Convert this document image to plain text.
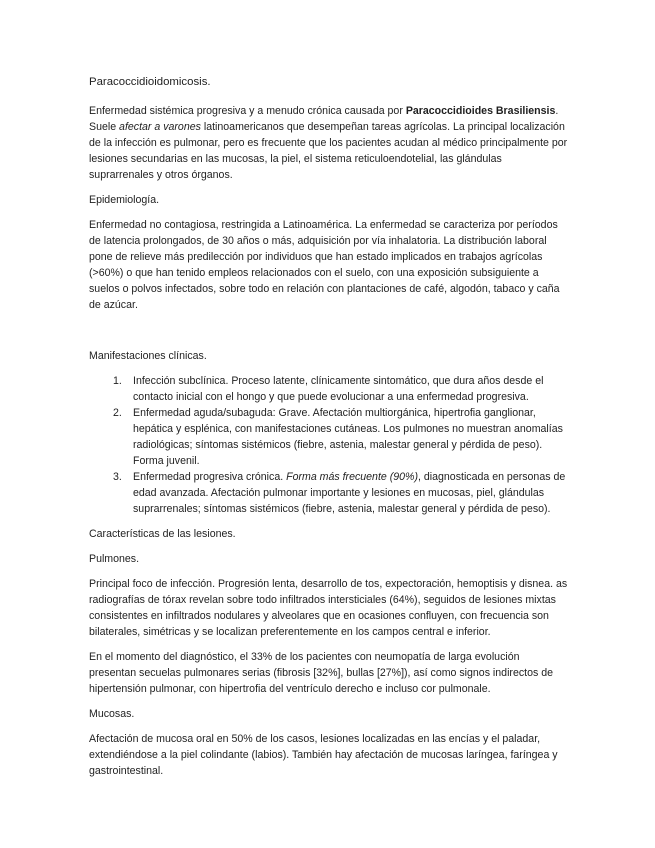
Paracoccidioidomicosis.

Enfermedad sistémica progresiva y a menudo crónica causada por Paracoccidioides Brasiliensis. Suele afectar a varones latinoamericanos que desempeñan tareas agrícolas. La principal localización de la infección es pulmonar, pero es frecuente que los pacientes acudan al médico principalmente por lesiones secundarias en las mucosas, la piel, el sistema reticuloendotelial, las glándulas suprarrenales y otros órganos.

Epidemiología.

Enfermedad no contagiosa, restringida a Latinoamérica. La enfermedad se caracteriza por períodos de latencia prolongados, de 30 años o más, adquisición por vía inhalatoria. La distribución laboral pone de relieve más predilección por individuos que han estado implicados en trabajos agrícolas (>60%) o que han tenido empleos relacionados con el suelo, con una exposición subsiguiente a suelos o polvos infectados, sobre todo en relación con plantaciones de café, algodón, tabaco y caña de azúcar.

Manifestaciones clínicas.
1. Infección subclínica. Proceso latente, clínicamente sintomático, que dura años desde el contacto inicial con el hongo y que puede evolucionar a una enfermedad progresiva.
2. Enfermedad aguda/subaguda: Grave. Afectación multiorgánica, hipertrofia ganglionar, hepática y esplénica, con manifestaciones cutáneas. Los pulmones no muestran anomalías radiológicas; síntomas sistémicos (fiebre, astenia, malestar general y pérdida de peso). Forma juvenil.
3. Enfermedad progresiva crónica. Forma más frecuente (90%), diagnosticada en personas de edad avanzada. Afectación pulmonar importante y lesiones en mucosas, piel, glándulas suprarrenales; síntomas sistémicos (fiebre, astenia, malestar general y pérdida de peso).
Características de las lesiones.
Pulmones.

Principal foco de infección. Progresión lenta, desarrollo de tos, expectoración, hemoptisis y disnea. as radiografías de tórax revelan sobre todo infiltrados intersticiales (64%), seguidos de lesiones mixtas consistentes en infiltrados nodulares y alveolares que en ocasiones confluyen, con frecuencia son bilaterales, simétricas y se localizan preferentemente en los campos central e inferior.

En el momento del diagnóstico, el 33% de los pacientes con neumopatía de larga evolución presentan secuelas pulmonares serias (fibrosis [32%], bullas [27%]), así como signos indirectos de hipertensión pulmonar, con hipertrofia del ventrículo derecho e incluso cor pulmonale.

Mucosas.

Afectación de mucosa oral en 50% de los casos, lesiones localizadas en las encías y el paladar, extendiéndose a la piel colindante (labios). También hay afectación de mucosas laríngea, faríngea y gastrointestinal.
